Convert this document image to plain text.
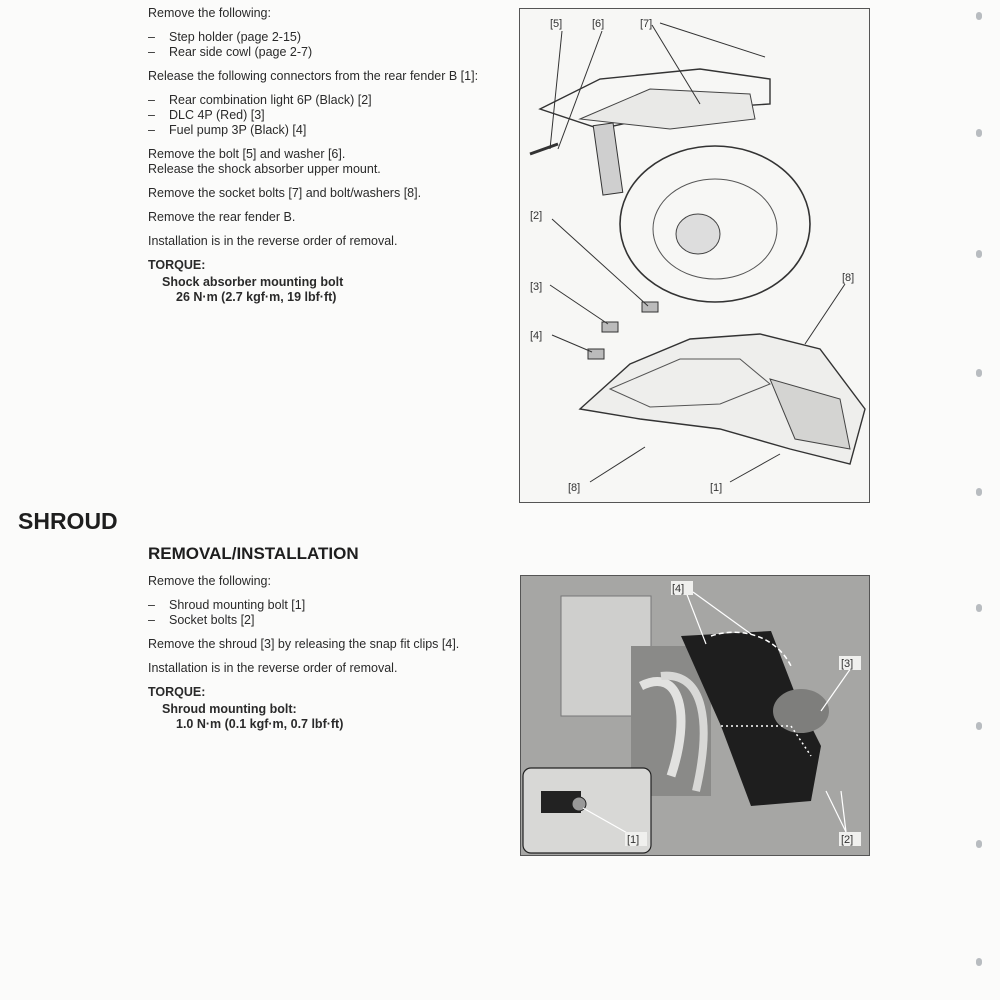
Remove the following:

– Step holder (page 2-15)
– Rear side cowl (page 2-7)

Release the following connectors from the rear fender B [1]:

– Rear combination light 6P (Black) [2]
– DLC 4P (Red) [3]
– Fuel pump 3P (Black) [4]

Remove the bolt [5] and washer [6].

Release the shock absorber upper mount.

Remove the socket bolts [7] and bolt/washers [8].

Remove the rear fender B.

Installation is in the reverse order of removal.

TORQUE:
Shock absorber mounting bolt
26 N·m (2.7 kgf·m, 19 lbf·ft)
[5]	[6]	[7]
[2]
[8]
[3]
[4]
[8]	[1]
SHROUD
REMOVAL/INSTALLATION

Remove the following:

– Shroud mounting bolt [1]
– Socket bolts [2]

Remove the shroud [3] by releasing the snap fit clips [4].

Installation is in the reverse order of removal.

TORQUE:
Shroud mounting bolt:
1.0 N·m (0.1 kgf·m, 0.7 lbf·ft)
[4]
[3]
[1]	[2]
